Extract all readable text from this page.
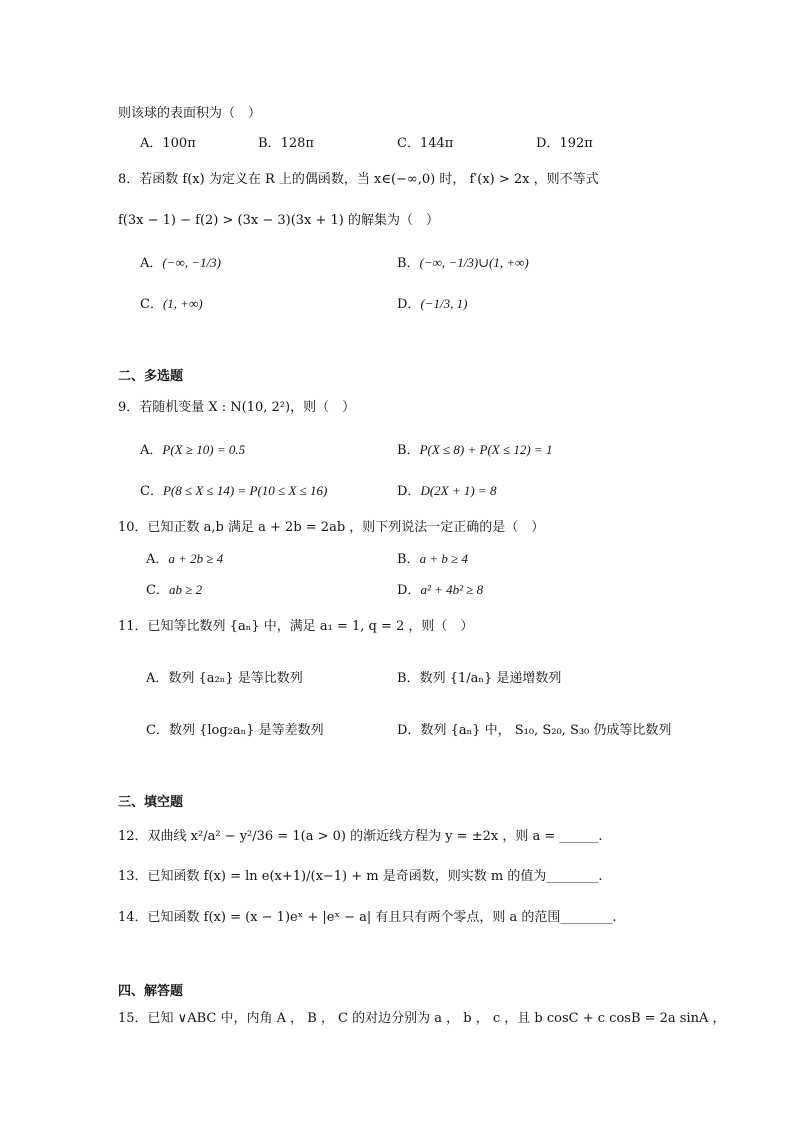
则该球的表面积为（　）
A．100π	B．128π	C．144π	D．192π
8．若函数 f(x) 为定义在 R 上的偶函数，当 x∈(−∞,0) 时， f′(x) > 2x ，则不等式
f(3x − 1) − f(2) > (3x − 3)(3x + 1) 的解集为（　）
A．(−∞, −1/3)	B．(−∞, −1/3)∪(1, +∞)
C．(1, +∞)	D．(−1/3, 1)
二、多选题
9．若随机变量 X : N(10, 2²)，则（　）
A．P(X ≥ 10) = 0.5	B．P(X ≤ 8) + P(X ≤ 12) = 1
C．P(8 ≤ X ≤ 14) = P(10 ≤ X ≤ 16)	D．D(2X + 1) = 8
10．已知正数 a,b 满足 a + 2b = 2ab ，则下列说法一定正确的是（　）
A．a + 2b ≥ 4	B．a + b ≥ 4
C．ab ≥ 2	D．a² + 4b² ≥ 8
11．已知等比数列 {aₙ} 中，满足 a₁ = 1, q = 2 ，则（　）
A．数列 {a₂ₙ} 是等比数列	B．数列 {1/aₙ} 是递增数列
C．数列 {log₂aₙ} 是等差数列	D．数列 {aₙ} 中， S₁₀, S₂₀, S₃₀ 仍成等比数列
三、填空题
12．双曲线 x²/a² − y²/36 = 1(a > 0) 的渐近线方程为 y = ±2x ，则 a = ______.
13．已知函数 f(x) = ln e(x+1)/(x−1) + m 是奇函数，则实数 m 的值为________.
14．已知函数 f(x) = (x − 1)eˣ + |eˣ − a| 有且只有两个零点，则 a 的范围________.
四、解答题
15．已知 ∨ABC 中，内角 A ， B ， C 的对边分别为 a ， b ， c ，且 b cosC + c cosB = 2a sinA ，
